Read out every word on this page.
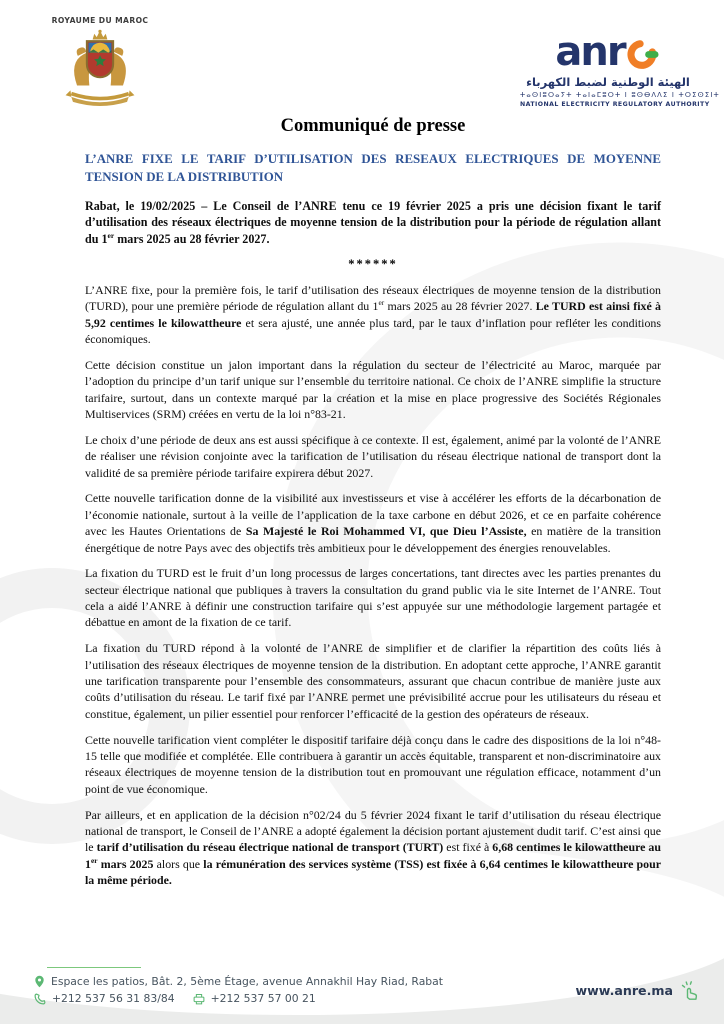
ROYAUME DU MAROC
anr
الهيئة الوطنية لضبط الكهرباء
ⵜⴰⵙⵏⵓⵔⴰⵢⵜ ⵜⴰⵏⴰⵎⵓⵔⵜ ⵏ ⵓⵙⴱⴷⴷⵉ ⵏ ⵜⵔⵉⵙⵉⵏⵜ
NATIONAL ELECTRICITY REGULATORY AUTHORITY
Communiqué de presse
L’ANRE FIXE LE TARIF D’UTILISATION DES RESEAUX ELECTRIQUES DE MOYENNE TENSION DE LA DISTRIBUTION

Rabat, le 19/02/2025 – Le Conseil de l’ANRE tenu ce 19 février 2025 a pris une décision fixant le tarif d’utilisation des réseaux électriques de moyenne tension de la distribution pour la période de régulation allant du 1er mars 2025 au 28 février 2027.

******

L’ANRE fixe, pour la première fois, le tarif d’utilisation des réseaux électriques de moyenne tension de la distribution (TURD), pour une première période de régulation allant du 1er mars 2025 au 28 février 2027. Le TURD est ainsi fixé à 5,92 centimes le kilowattheure et sera ajusté, une année plus tard, par le taux d’inflation pour refléter les conditions économiques.

Cette décision constitue un jalon important dans la régulation du secteur de l’électricité au Maroc, marquée par l’adoption du principe d’un tarif unique sur l’ensemble du territoire national. Ce choix de l’ANRE simplifie la structure tarifaire, surtout, dans un contexte marqué par la création et la mise en place progressive des Sociétés Régionales Multiservices (SRM) créées en vertu de la loi n°83-21.

Le choix d’une période de deux ans est aussi spécifique à ce contexte. Il est, également, animé par la volonté de l’ANRE de réaliser une révision conjointe avec la tarification de l’utilisation du réseau électrique national de transport dont la validité de sa première période tarifaire expirera début 2027.

Cette nouvelle tarification donne de la visibilité aux investisseurs et vise à accélérer les efforts de la décarbonation de l’économie nationale, surtout à la veille de l’application de la taxe carbone en début 2026, et ce en parfaite cohérence avec les Hautes Orientations de Sa Majesté le Roi Mohammed VI, que Dieu l’Assiste, en matière de la transition énergétique de notre Pays avec des objectifs très ambitieux pour le développement des énergies renouvelables.

La fixation du TURD est le fruit d’un long processus de larges concertations, tant directes avec les parties prenantes du secteur électrique national que publiques à travers la consultation du grand public via le site Internet de l’ANRE. Tout cela a aidé l’ANRE à définir une construction tarifaire qui s’est appuyée sur une méthodologie largement partagée et débattue en amont de la fixation de ce tarif.

La fixation du TURD répond à la volonté de l’ANRE de simplifier et de clarifier la répartition des coûts liés à l’utilisation des réseaux électriques de moyenne tension de la distribution. En adoptant cette approche, l’ANRE garantit une tarification transparente pour l’ensemble des consommateurs, assurant que chacun contribue de manière juste aux coûts d’utilisation du réseau. Le tarif fixé par l’ANRE permet une prévisibilité accrue pour les utilisateurs du réseau et constitue, également, un pilier essentiel pour renforcer l’efficacité de la gestion des opérateurs de réseaux.

Cette nouvelle tarification vient compléter le dispositif tarifaire déjà conçu dans le cadre des dispositions de la loi n°48-15 telle que modifiée et complétée. Elle contribuera à garantir un accès équitable, transparent et non-discriminatoire aux réseaux électriques de moyenne tension de la distribution tout en promouvant une régulation efficace, notamment d’un point de vue économique.

Par ailleurs, et en application de la décision n°02/24 du 5 février 2024 fixant le tarif d’utilisation du réseau électrique national de transport, le Conseil de l’ANRE a adopté également la décision portant ajustement dudit tarif. C’est ainsi que le tarif d’utilisation du réseau électrique national de transport (TURT) est fixé à 6,68 centimes le kilowattheure au 1er mars 2025 alors que la rémunération des services système (TSS) est fixée à 6,64 centimes le kilowattheure pour la même période.

Espace les patios, Bât. 2, 5ème Étage, avenue Annakhil Hay Riad, Rabat
+212 537 56 31 83/84	+212 537 57 00 21
www.anre.ma
